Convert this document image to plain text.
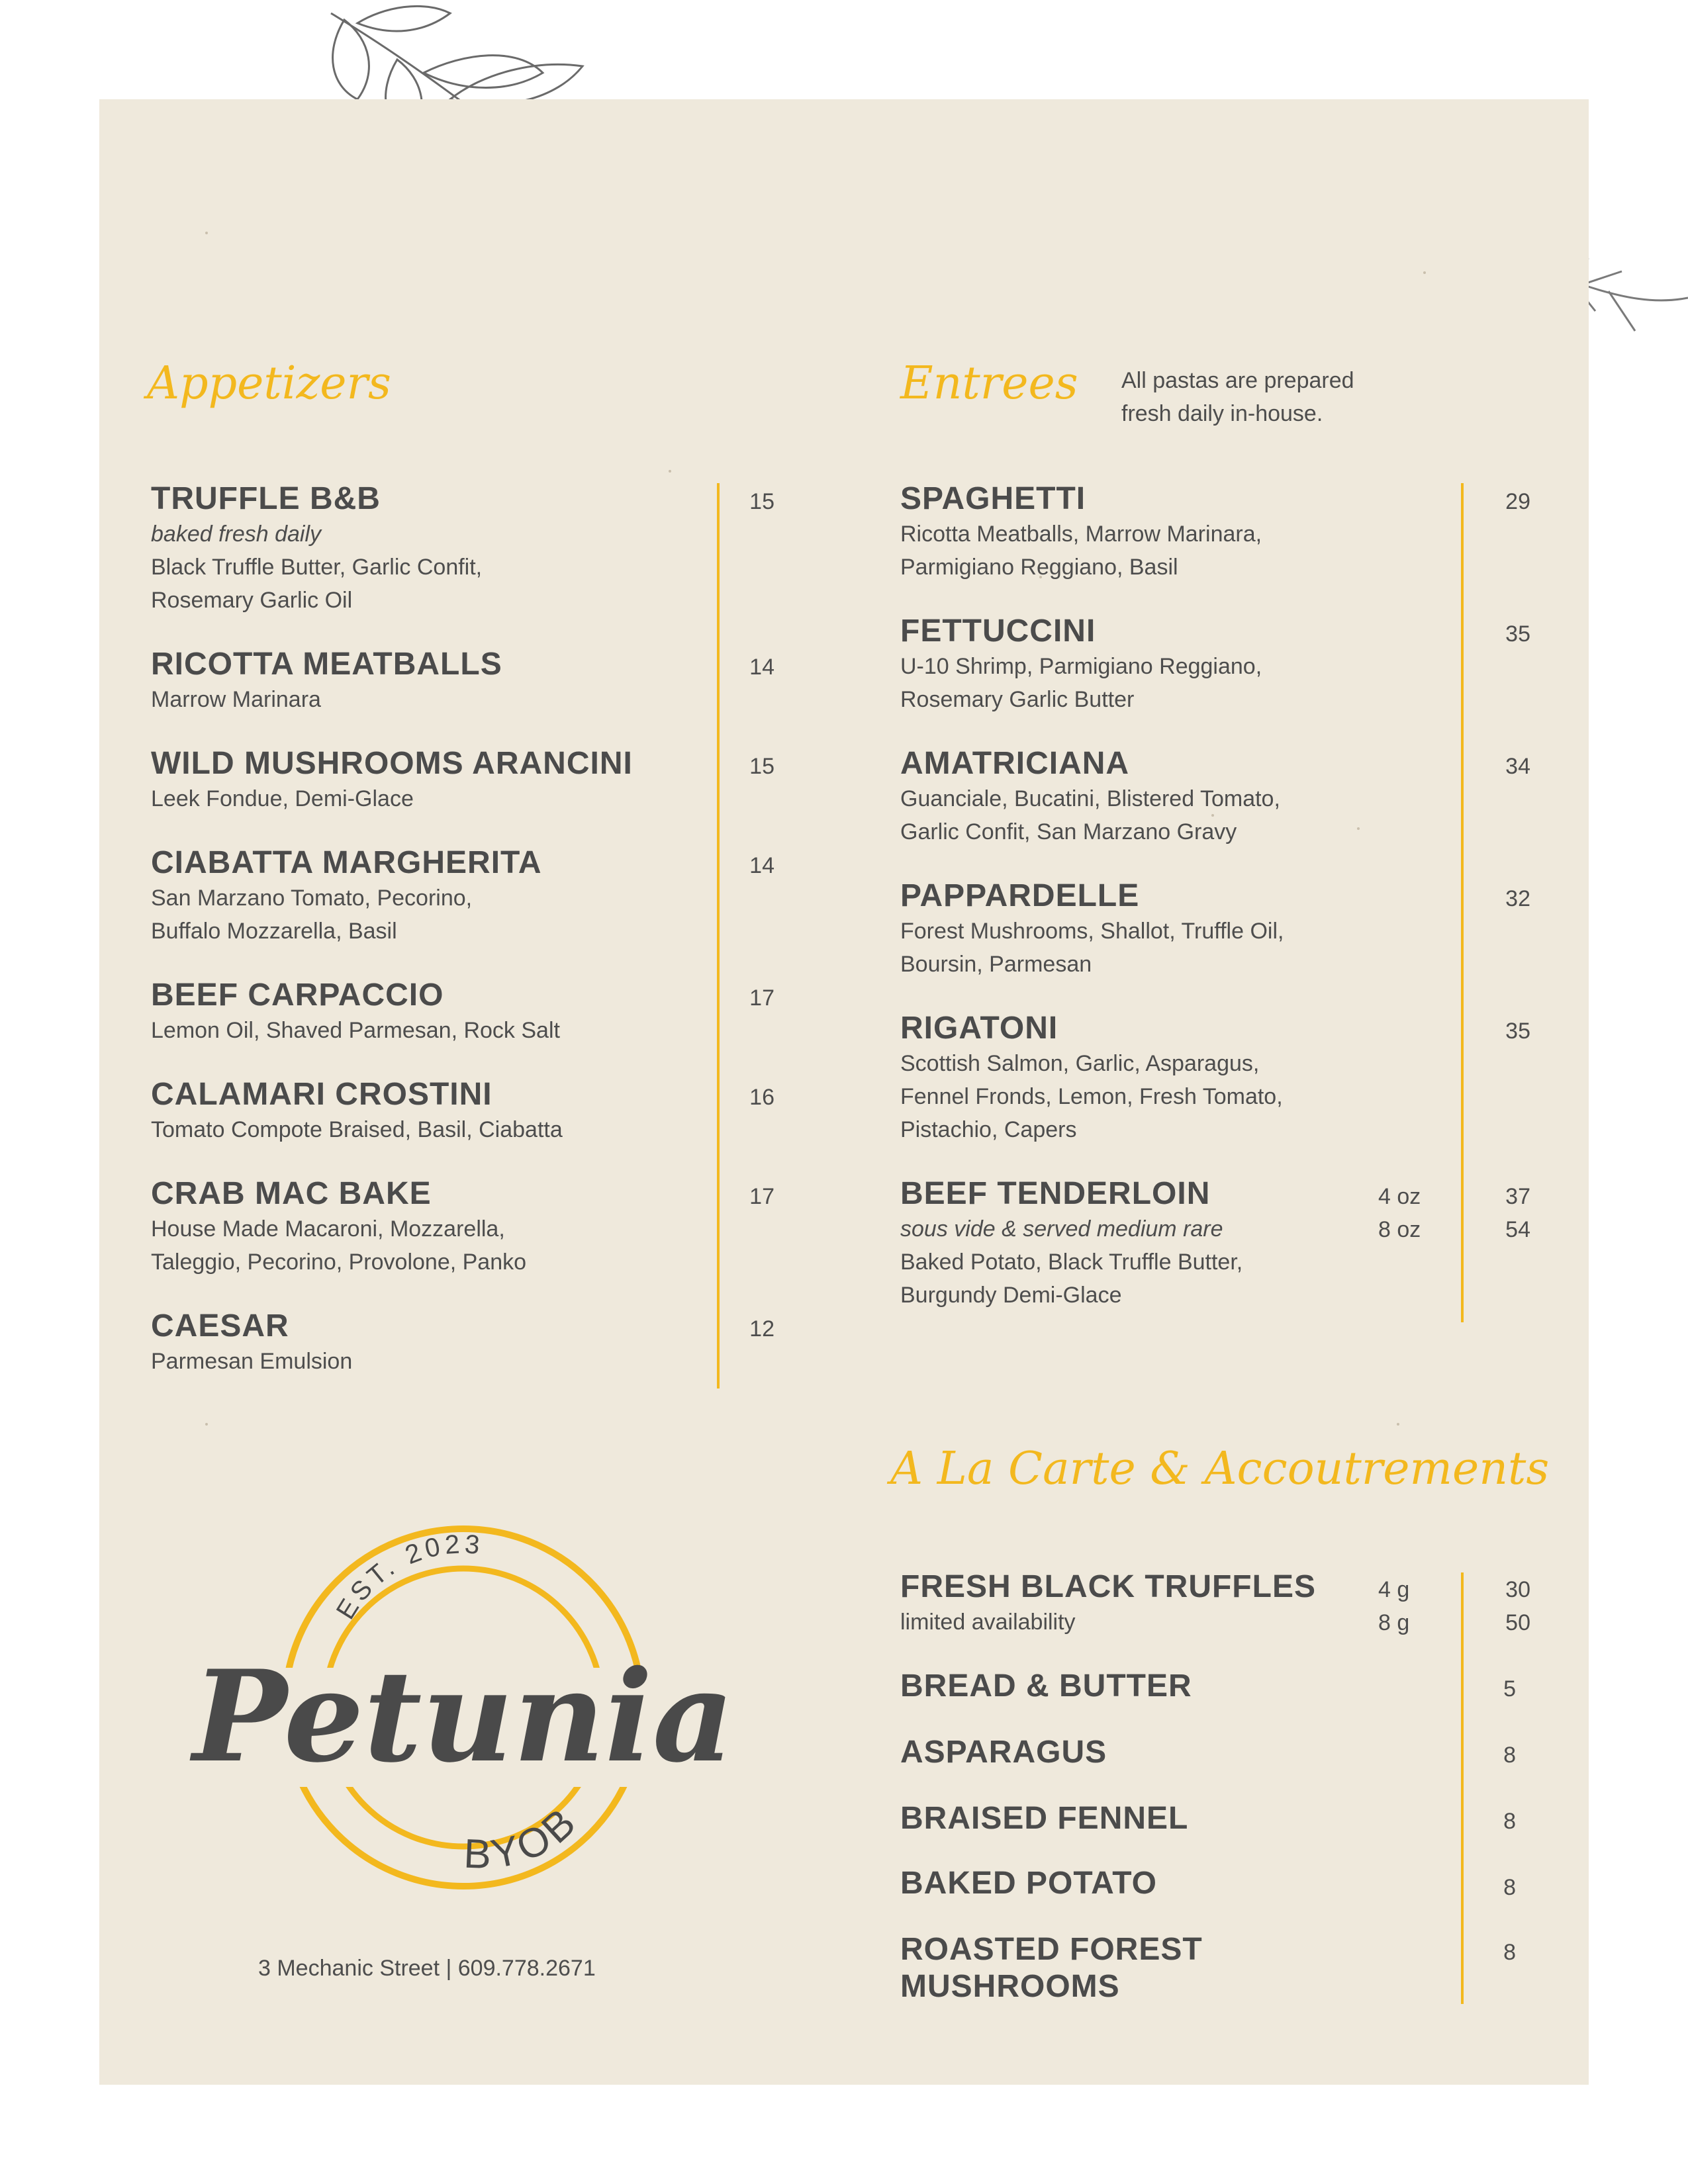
Appetizers
TRUFFLE B&B
baked fresh daily
Black Truffle Butter, Garlic Confit,
Rosemary Garlic Oil
15
RICOTTA MEATBALLS
Marrow Marinara
14
WILD MUSHROOMS ARANCINI
Leek Fondue, Demi-Glace
15
CIABATTA MARGHERITA
San Marzano Tomato, Pecorino,
Buffalo Mozzarella, Basil
14
BEEF CARPACCIO
Lemon Oil, Shaved Parmesan, Rock Salt
17
CALAMARI CROSTINI
Tomato Compote Braised, Basil, Ciabatta
16
CRAB MAC BAKE
House Made Macaroni, Mozzarella,
Taleggio, Pecorino, Provolone, Panko
17
CAESAR
Parmesan Emulsion
12
Entrees All pastas are prepared
fresh daily in-house.
SPAGHETTI
Ricotta Meatballs, Marrow Marinara,
Parmigiano Reggiano, Basil
29
FETTUCCINI
U-10 Shrimp, Parmigiano Reggiano,
Rosemary Garlic Butter
35
AMATRICIANA
Guanciale, Bucatini, Blistered Tomato,
Garlic Confit, San Marzano Gravy
34
PAPPARDELLE
Forest Mushrooms, Shallot, Truffle Oil,
Boursin, Parmesan
32
RIGATONI
Scottish Salmon, Garlic, Asparagus,
Fennel Fronds, Lemon, Fresh Tomato,
Pistachio, Capers
35
BEEF TENDERLOIN
sous vide & served medium rare
Baked Potato, Black Truffle Butter,
Burgundy Demi-Glace
4 oz	37
8 oz	54
A La Carte & Accoutrements
FRESH BLACK TRUFFLES
limited availability
4 g	30
8 g	50
BREAD & BUTTER	5
ASPARAGUS	8
BRAISED FENNEL	8
BAKED POTATO	8
ROASTED FOREST
MUSHROOMS
8
EST. 2023
Petunia
BYOB
3 Mechanic Street | 609.778.2671
